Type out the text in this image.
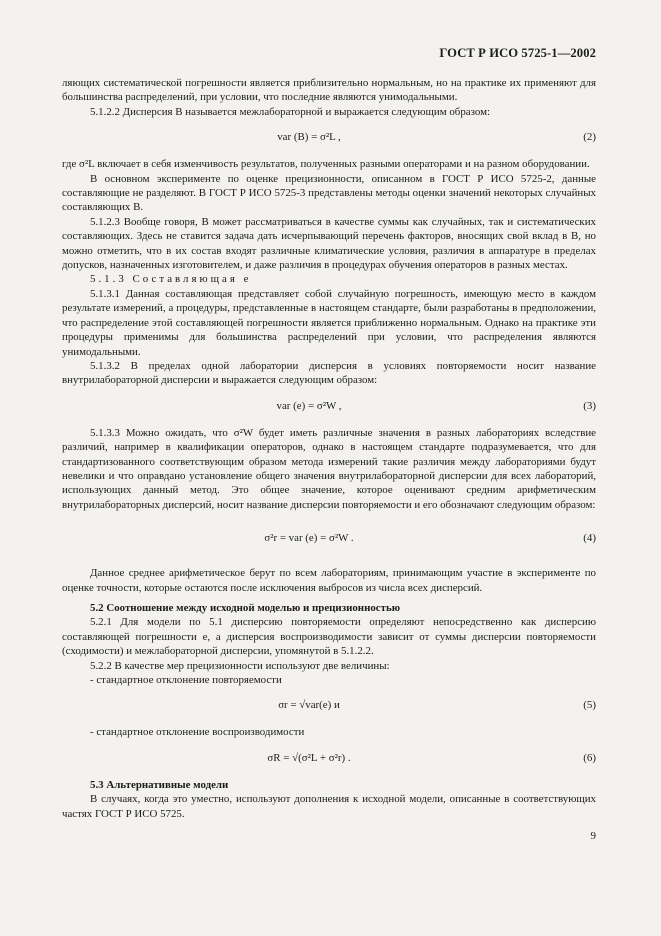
ГОСТ Р ИСО 5725-1—2002

ляющих систематической погрешности является приблизительно нормальным, но на практике их применяют для большинства распределений, при условии, что последние являются унимодальными.

5.1.2.2 Дисперсия B называется межлабораторной и выражается следующим образом:

var (B) = σ²L ,	(2)

где σ²L включает в себя изменчивость результатов, полученных разными операторами и на разном оборудовании.

В основном эксперименте по оценке прецизионности, описанном в ГОСТ Р ИСО 5725-2, данные составляющие не разделяют. В ГОСТ Р ИСО 5725-3 представлены методы оценки значений некоторых случайных составляющих B.

5.1.2.3 Вообще говоря, B может рассматриваться в качестве суммы как случайных, так и систематических составляющих. Здесь не ставится задача дать исчерпывающий перечень факторов, вносящих свой вклад в B, но можно отметить, что в их состав входят различные климатические условия, различия в аппаратуре в пределах допусков, назначенных изготовителем, и даже различия в процедурах обучения операторов в разных местах.

5.1.3 Составляющая e

5.1.3.1 Данная составляющая представляет собой случайную погрешность, имеющую место в каждом результате измерений, а процедуры, представленные в настоящем стандарте, были разработаны в предположении, что распределение этой составляющей погрешности является приближенно нормальным. Однако на практике эти процедуры применимы для большинства распределений при условии, что распределения являются унимодальными.

5.1.3.2 В пределах одной лаборатории дисперсия в условиях повторяемости носит название внутрилабораторной дисперсии и выражается следующим образом:

var (e) = σ²W ,	(3)

5.1.3.3 Можно ожидать, что σ²W будет иметь различные значения в разных лабораториях вследствие различий, например в квалификации операторов, однако в настоящем стандарте подразумевается, что для стандартизованного соответствующим образом метода измерений такие различия между лабораториями будут невелики и что оправдано установление общего значения внутрилабораторной дисперсии для всех лабораторий, использующих данный метод. Это общее значение, которое оценивают средним арифметическим внутрилабораторных дисперсий, носит название дисперсии повторяемости и его обозначают следующим образом:

σ²r = var (e) = σ²W .	(4)

Данное среднее арифметическое берут по всем лабораториям, принимающим участие в эксперименте по оценке точности, которые остаются после исключения выбросов из числа всех дисперсий.

5.2 Соотношение между исходной моделью и прецизионностью

5.2.1 Для модели по 5.1 дисперсию повторяемости определяют непосредственно как дисперсию составляющей погрешности e, а дисперсия воспроизводимости зависит от суммы дисперсии повторяемости (сходимости) и межлабораторной дисперсии, упомянутой в 5.1.2.2.

5.2.2 В качестве мер прецизионности используют две величины:

- стандартное отклонение повторяемости

σr = √var(e) и	(5)

- стандартное отклонение воспроизводимости

σR = √(σ²L + σ²r) .	(6)

5.3 Альтернативные модели

В случаях, когда это уместно, используют дополнения к исходной модели, описанные в соответствующих частях ГОСТ Р ИСО 5725.

9
